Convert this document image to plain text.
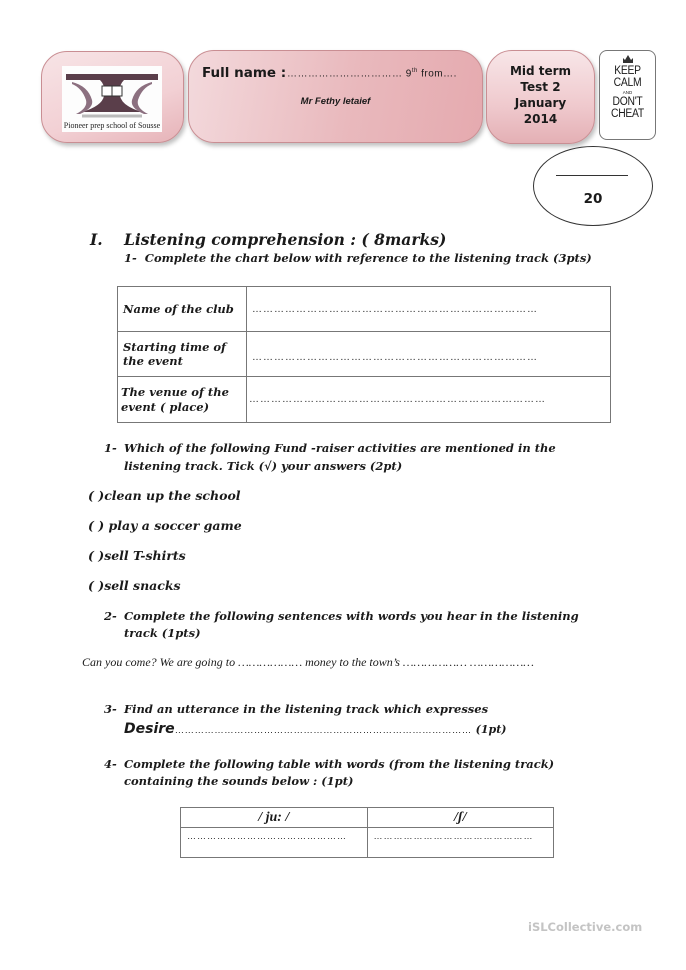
Pioneer prep school of Sousse
Full name : …………………………… 9th from….
Mr Fethy letaief
Mid term
Test 2
January
2014
KEEP
CALM
AND
DON'T
CHEAT
20
I. Listening comprehension : ( 8marks)
1- Complete the chart below with reference to the listening track (3pts)
Name of the club	……………………………………………………………………

Starting time of the event	……………………………………………………………………

The venue of the event ( place)	………………………………………………………………………
1- Which of the following Fund -raiser activities are mentioned in the
listening track. Tick (√) your answers (2pt)
( )clean up the school
( ) play a soccer game
( )sell T-shirts
( )sell snacks
2- Complete the following sentences with words you hear in the listening
track (1pts)
Can you come? We are going to ……………… money to the town’s ……………… ………………
3- Find an utterance in the listening track which expresses
Desire……………………………………………………………………………… (1pt)
4- Complete the following table with words (from the listening track)
containing the sounds below : (1pt)
/ ju: /	/ʃ/

…………………………………………	…………………………………………
iSLCollective.com
